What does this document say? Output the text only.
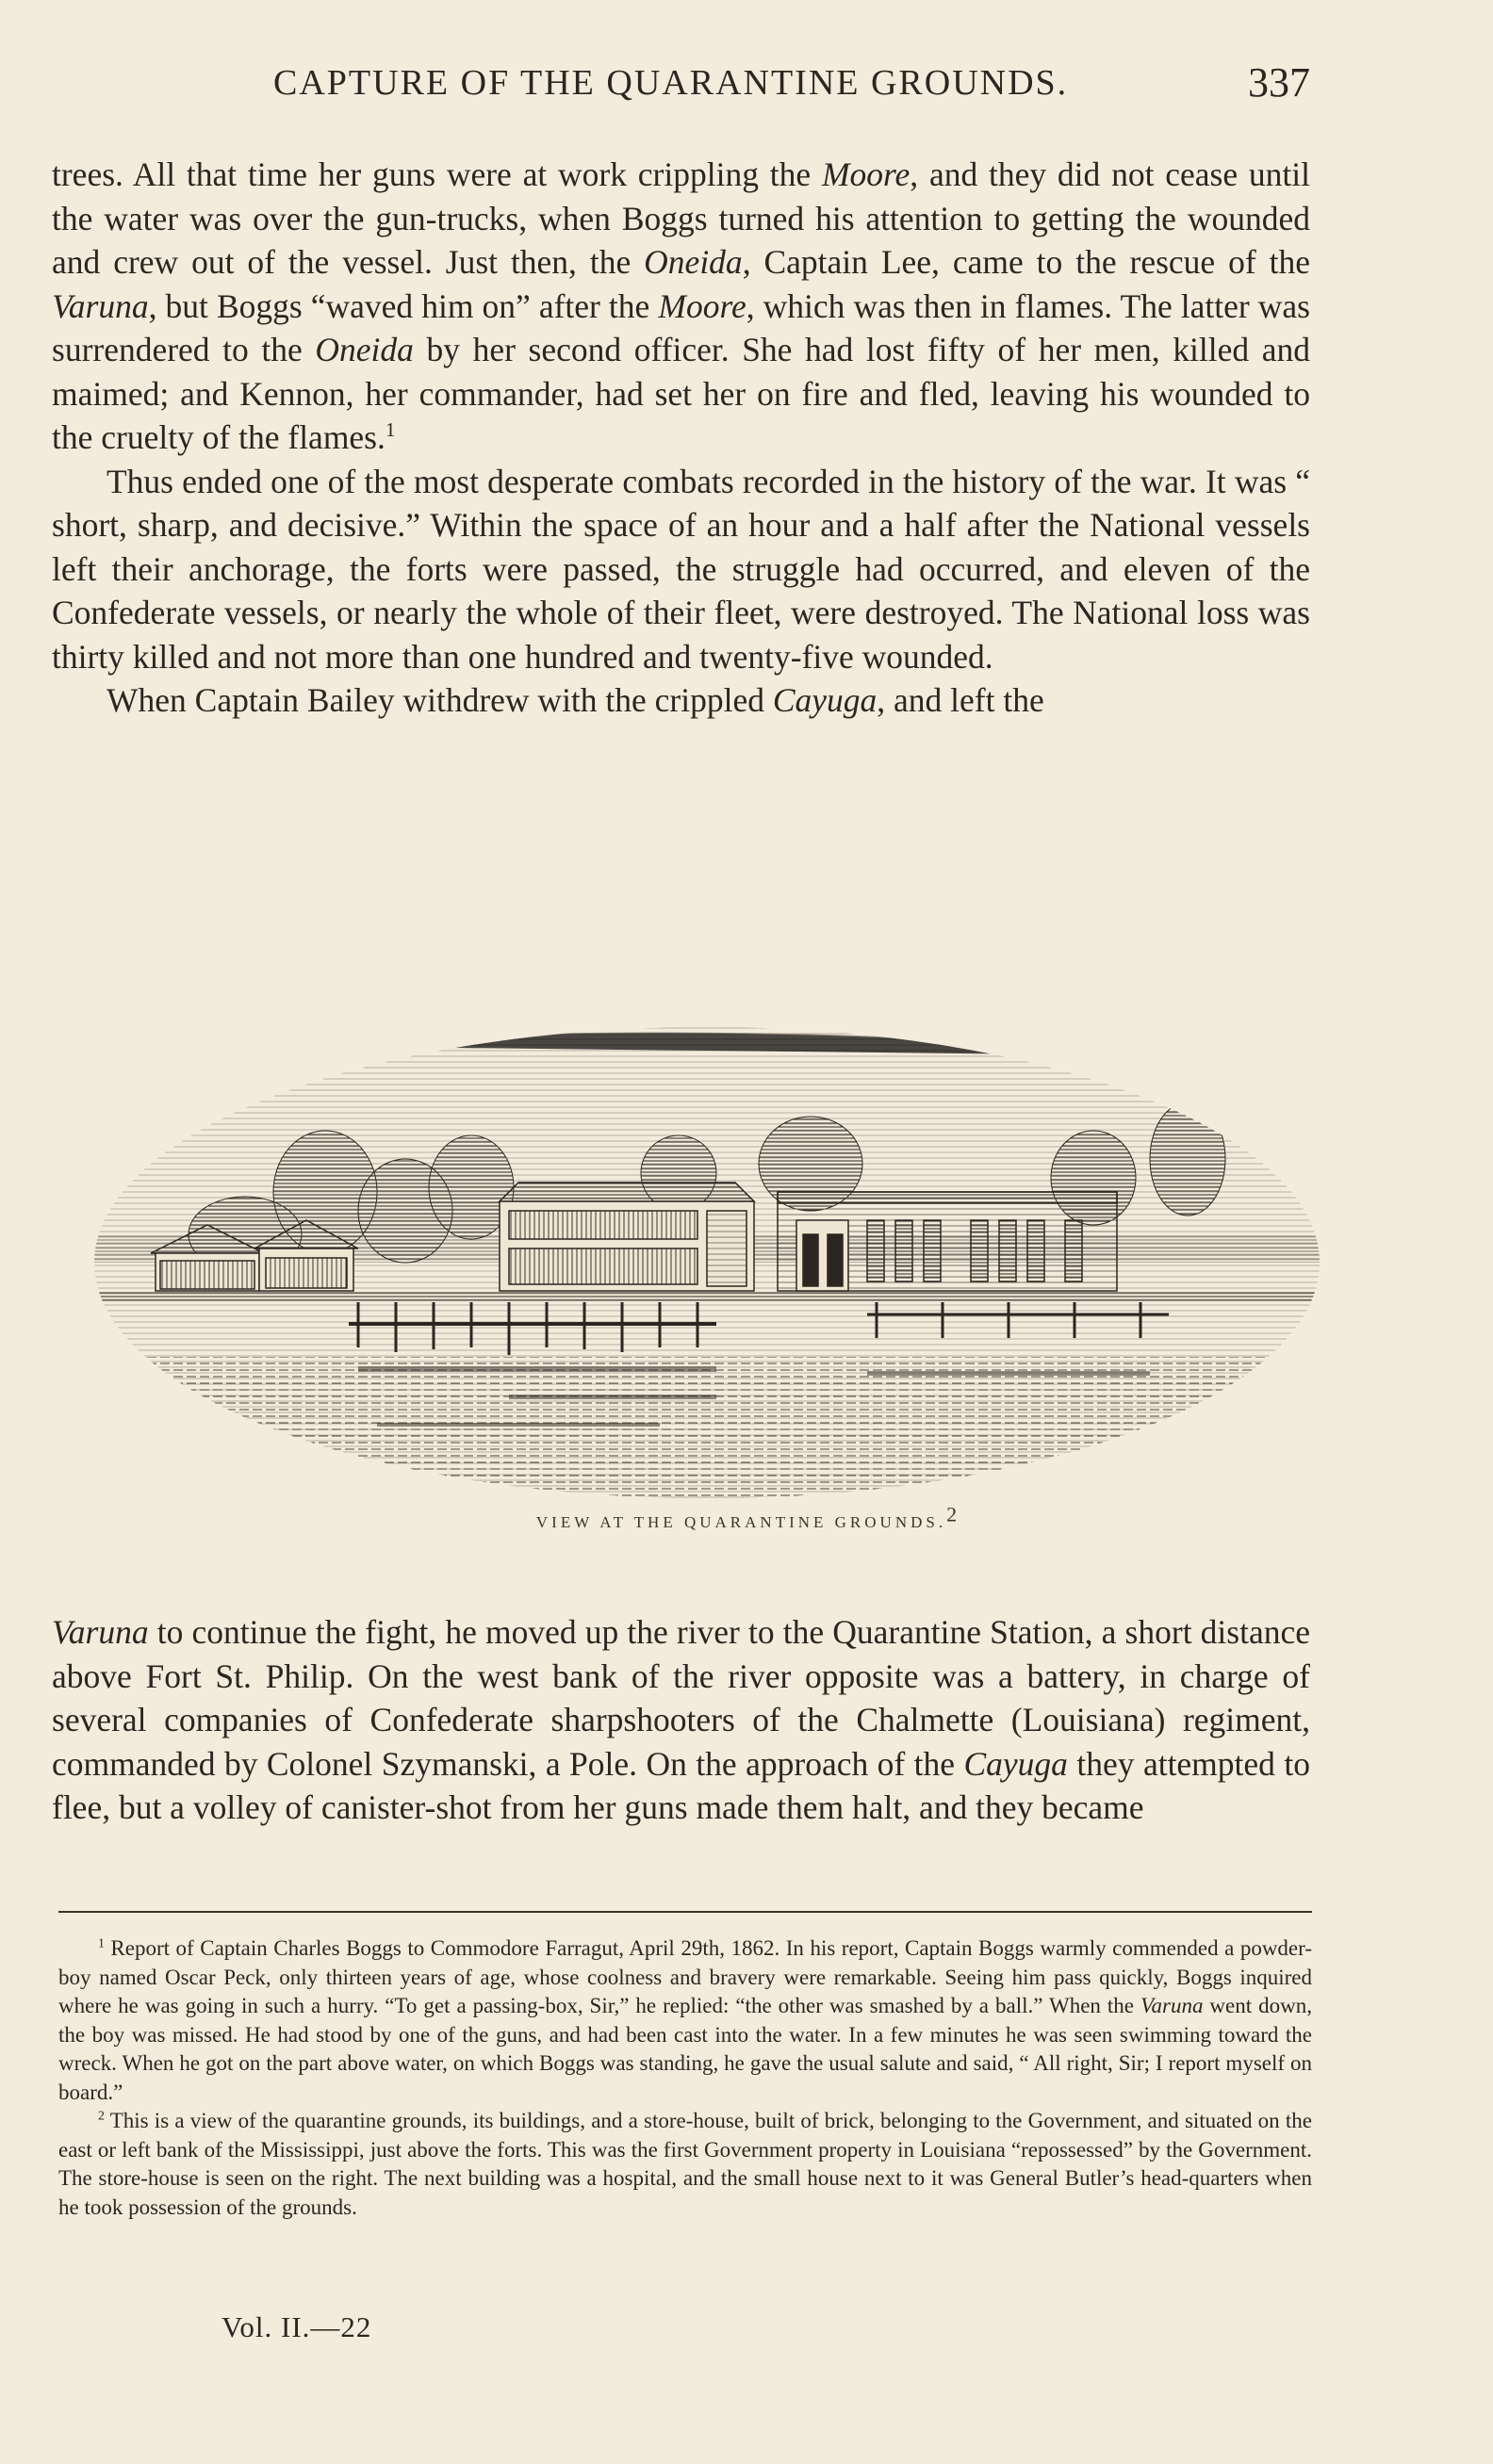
CAPTURE OF THE QUARANTINE GROUNDS.	337

trees. All that time her guns were at work crippling the Moore, and they did not cease until the water was over the gun-trucks, when Boggs turned his attention to getting the wounded and crew out of the vessel. Just then, the Oneida, Captain Lee, came to the rescue of the Varuna, but Boggs “waved him on” after the Moore, which was then in flames. The latter was surrendered to the Oneida by her second officer. She had lost fifty of her men, killed and maimed; and Kennon, her commander, had set her on fire and fled, leaving his wounded to the cruelty of the flames.$^1$

Thus ended one of the most desperate combats recorded in the history of the war. It was “ short, sharp, and decisive.” Within the space of an hour and a half after the National vessels left their anchorage, the forts were passed, the struggle had occurred, and eleven of the Confederate vessels, or nearly the whole of their fleet, were destroyed. The National loss was thirty killed and not more than one hundred and twenty-five wounded.

When Captain Bailey withdrew with the crippled Cayuga, and left the

VIEW AT THE QUARANTINE GROUNDS.2

Varuna to continue the fight, he moved up the river to the Quarantine Station, a short distance above Fort St. Philip. On the west bank of the river opposite was a battery, in charge of several companies of Confederate sharpshooters of the Chalmette (Louisiana) regiment, commanded by Colonel Szymanski, a Pole. On the approach of the Cayuga they attempted to flee, but a volley of canister-shot from her guns made them halt, and they became

$^1$ Report of Captain Charles Boggs to Commodore Farragut, April 29th, 1862. In his report, Captain Boggs warmly commended a powder-boy named Oscar Peck, only thirteen years of age, whose coolness and bravery were remarkable. Seeing him pass quickly, Boggs inquired where he was going in such a hurry. “To get a passing-box, Sir,” he replied: “the other was smashed by a ball.” When the Varuna went down, the boy was missed. He had stood by one of the guns, and had been cast into the water. In a few minutes he was seen swimming toward the wreck. When he got on the part above water, on which Boggs was standing, he gave the usual salute and said, “ All right, Sir; I report myself on board.”

$^2$ This is a view of the quarantine grounds, its buildings, and a store-house, built of brick, belonging to the Government, and situated on the east or left bank of the Mississippi, just above the forts. This was the first Government property in Louisiana “repossessed” by the Government. The store-house is seen on the right. The next building was a hospital, and the small house next to it was General Butler’s head-quarters when he took possession of the grounds.

Vol. II.—22
